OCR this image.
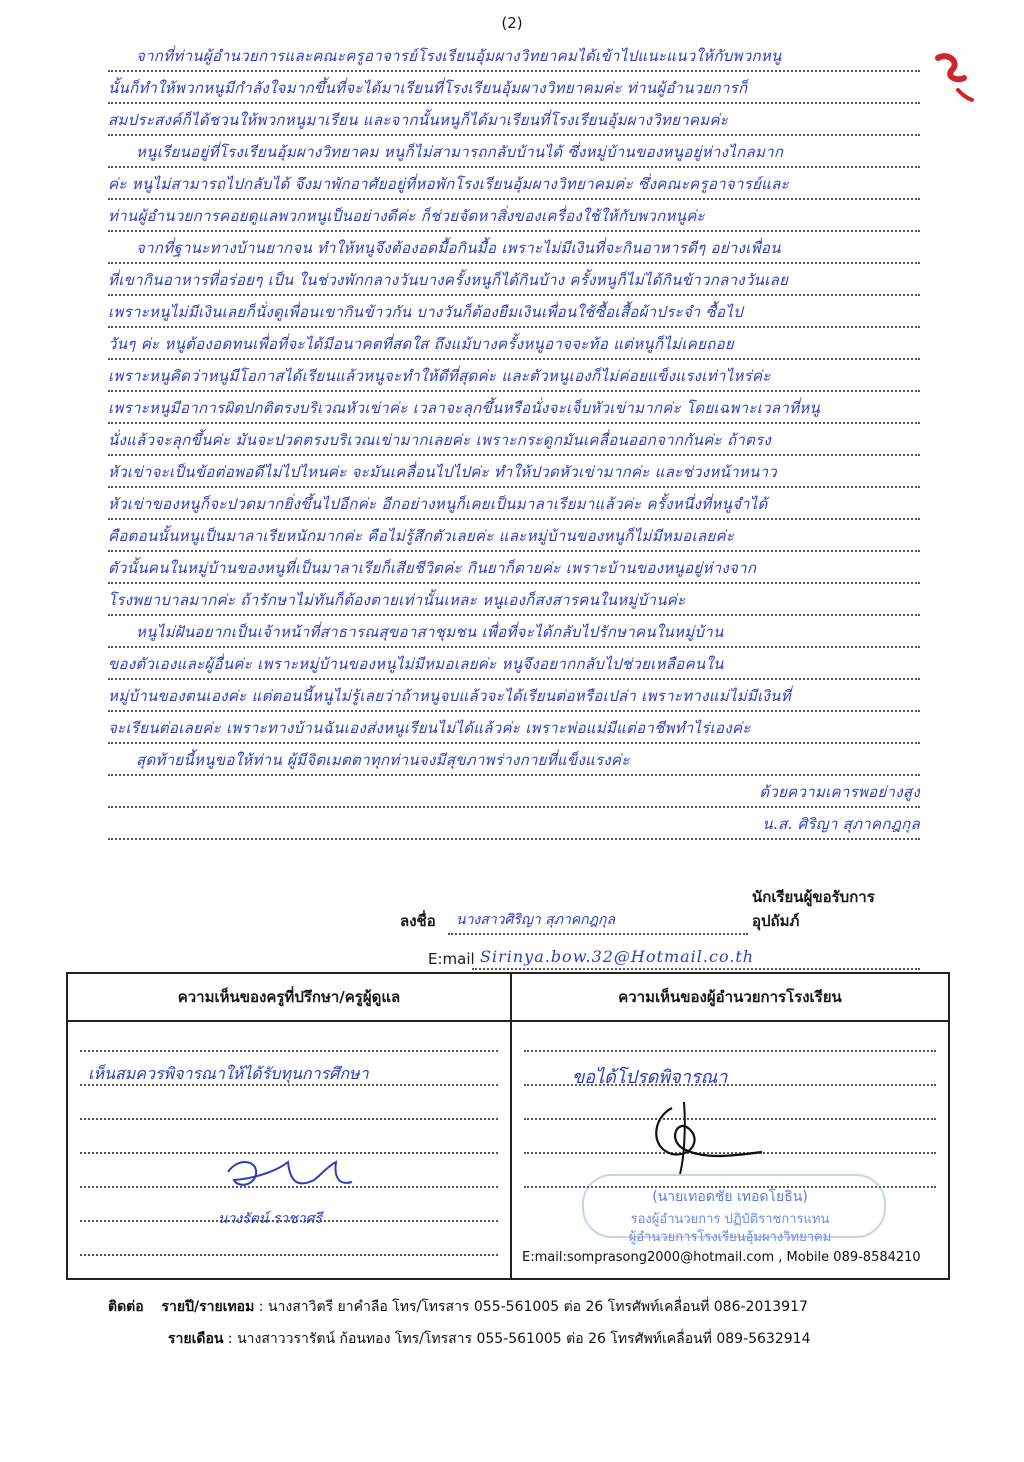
(2)
จากที่ท่านผู้อำนวยการและคณะครูอาจารย์โรงเรียนอุ้มผางวิทยาคมได้เข้าไปแนะแนวให้กับพวกหนู
นั้นก็ทำให้พวกหนูมีกำลังใจมากขึ้นที่จะได้มาเรียนที่โรงเรียนอุ้มผางวิทยาคมค่ะ ท่านผู้อำนวยการก็
สมประสงค์ก็ได้ชวนให้พวกหนูมาเรียน และจากนั้นหนูก็ได้มาเรียนที่โรงเรียนอุ้มผางวิทยาคมค่ะ
หนูเรียนอยู่ที่โรงเรียนอุ้มผางวิทยาคม หนูก็ไม่สามารถกลับบ้านได้ ซึ่งหมู่บ้านของหนูอยู่ห่างไกลมาก
ค่ะ หนูไม่สามารถไปกลับได้ จึงมาพักอาศัยอยู่ที่หอพักโรงเรียนอุ้มผางวิทยาคมค่ะ ซึ่งคณะครูอาจารย์และ
ท่านผู้อำนวยการคอยดูแลพวกหนูเป็นอย่างดีค่ะ ก็ช่วยจัดหาสิ่งของเครื่องใช้ให้กับพวกหนูค่ะ
จากที่ฐานะทางบ้านยากจน ทำให้หนูจึงต้องอดมื้อกินมื้อ เพราะไม่มีเงินที่จะกินอาหารดีๆ อย่างเพื่อน
ที่เขากินอาหารที่อร่อยๆ เป็น ในช่วงพักกลางวันบางครั้งหนูก็ได้กินบ้าง ครั้งหนูก็ไม่ได้กินข้าวกลางวันเลย
เพราะหนูไม่มีเงินเลยก็นั่งดูเพื่อนเขากินข้าวกัน บางวันก็ต้องยืมเงินเพื่อนใช้ซื้อเสื้อผ้าประจำ ซื้อไป
วันๆ ค่ะ หนูต้องอดทนเพื่อที่จะได้มีอนาคตที่สดใส ถึงแม้บางครั้งหนูอาจจะท้อ แต่หนูก็ไม่เคยถอย
เพราะหนูคิดว่าหนูมีโอกาสได้เรียนแล้วหนูจะทำให้ดีที่สุดค่ะ และตัวหนูเองก็ไม่ค่อยแข็งแรงเท่าไหร่ค่ะ
เพราะหนูมีอาการผิดปกติตรงบริเวณหัวเข่าค่ะ เวลาจะลุกขึ้นหรือนั่งจะเจ็บหัวเข่ามากค่ะ โดยเฉพาะเวลาที่หนู
นั่งแล้วจะลุกขึ้นค่ะ มันจะปวดตรงบริเวณเข่ามากเลยค่ะ เพราะกระดูกมันเคลื่อนออกจากกันค่ะ ถ้าตรง
หัวเข่าจะเป็นข้อต่อพอดีไม่ไปไหนค่ะ จะมันเคลื่อนไปไปค่ะ ทำให้ปวดหัวเข่ามากค่ะ และช่วงหน้าหนาว
หัวเข่าของหนูก็จะปวดมากยิ่งขึ้นไปอีกค่ะ อีกอย่างหนูก็เคยเป็นมาลาเรียมาแล้วค่ะ ครั้งหนึ่งที่หนูจำได้
คือตอนนั้นหนูเป็นมาลาเรียหนักมากค่ะ คือไม่รู้สึกตัวเลยค่ะ และหมู่บ้านของหนูก็ไม่มีหมอเลยค่ะ
ตัวนั้นคนในหมู่บ้านของหนูที่เป็นมาลาเรียก็เสียชีวิตค่ะ กินยาก็ตายค่ะ เพราะบ้านของหนูอยู่ห่างจาก
โรงพยาบาลมากค่ะ ถ้ารักษาไม่ทันก็ต้องตายเท่านั้นเหละ หนูเองก็สงสารคนในหมู่บ้านค่ะ
หนูไม่ฝันอยากเป็นเจ้าหน้าที่สาธารณสุขอาสาชุมชน เพื่อที่จะได้กลับไปรักษาคนในหมู่บ้าน
ของตัวเองและผู้อื่นค่ะ เพราะหมู่บ้านของหนูไม่มีหมอเลยค่ะ หนูจึงอยากกลับไปช่วยเหลือคนใน
หมู่บ้านของตนเองค่ะ แต่ตอนนี้หนูไม่รู้เลยว่าถ้าหนูจบแล้วจะได้เรียนต่อหรือเปล่า เพราะทางแม่ไม่มีเงินที่
จะเรียนต่อเลยค่ะ เพราะทางบ้านฉันเองส่งหนูเรียนไม่ได้แล้วค่ะ เพราะพ่อแม่มีแต่อาชีพทำไร่เองค่ะ
สุดท้ายนี้หนูขอให้ท่าน ผู้มีจิตเมตตาทุกท่านจงมีสุขภาพร่างกายที่แข็งแรงค่ะ
ด้วยความเคารพอย่างสูง
น.ส. ศิริญา สุภาคกฎกุล
ลงชื่อ นางสาวศิริญา สุภาคกฎกุล
นักเรียนผู้ขอรับการอุปถัมภ์
E:mail Sirinya.bow.32@Hotmail.co.th
ความเห็นของครูที่ปรึกษา/ครูผู้ดูแล
เห็นสมควรพิจารณาให้ได้รับทุนการศึกษา
นางรัตน์ ราชาศรี
ความเห็นของผู้อำนวยการโรงเรียน
ขอได้โปรดพิจารณา
(นายเทอดชัย เทอดโยธิน)
รองผู้อำนวยการ ปฏิบัติราชการแทน
ผู้อำนวยการโรงเรียนอุ้มผางวิทยาคม
E:mail:somprasong2000@hotmail.com , Mobile 089-8584210
ติดต่อ รายปี/รายเทอม : นางสาวิตรี ยาคำลือ โทร/โทรสาร 055-561005 ต่อ 26 โทรศัพท์เคลื่อนที่ 086-2013917
รายเดือน : นางสาววรารัตน์ ก้อนทอง โทร/โทรสาร 055-561005 ต่อ 26 โทรศัพท์เคลื่อนที่ 089-5632914
